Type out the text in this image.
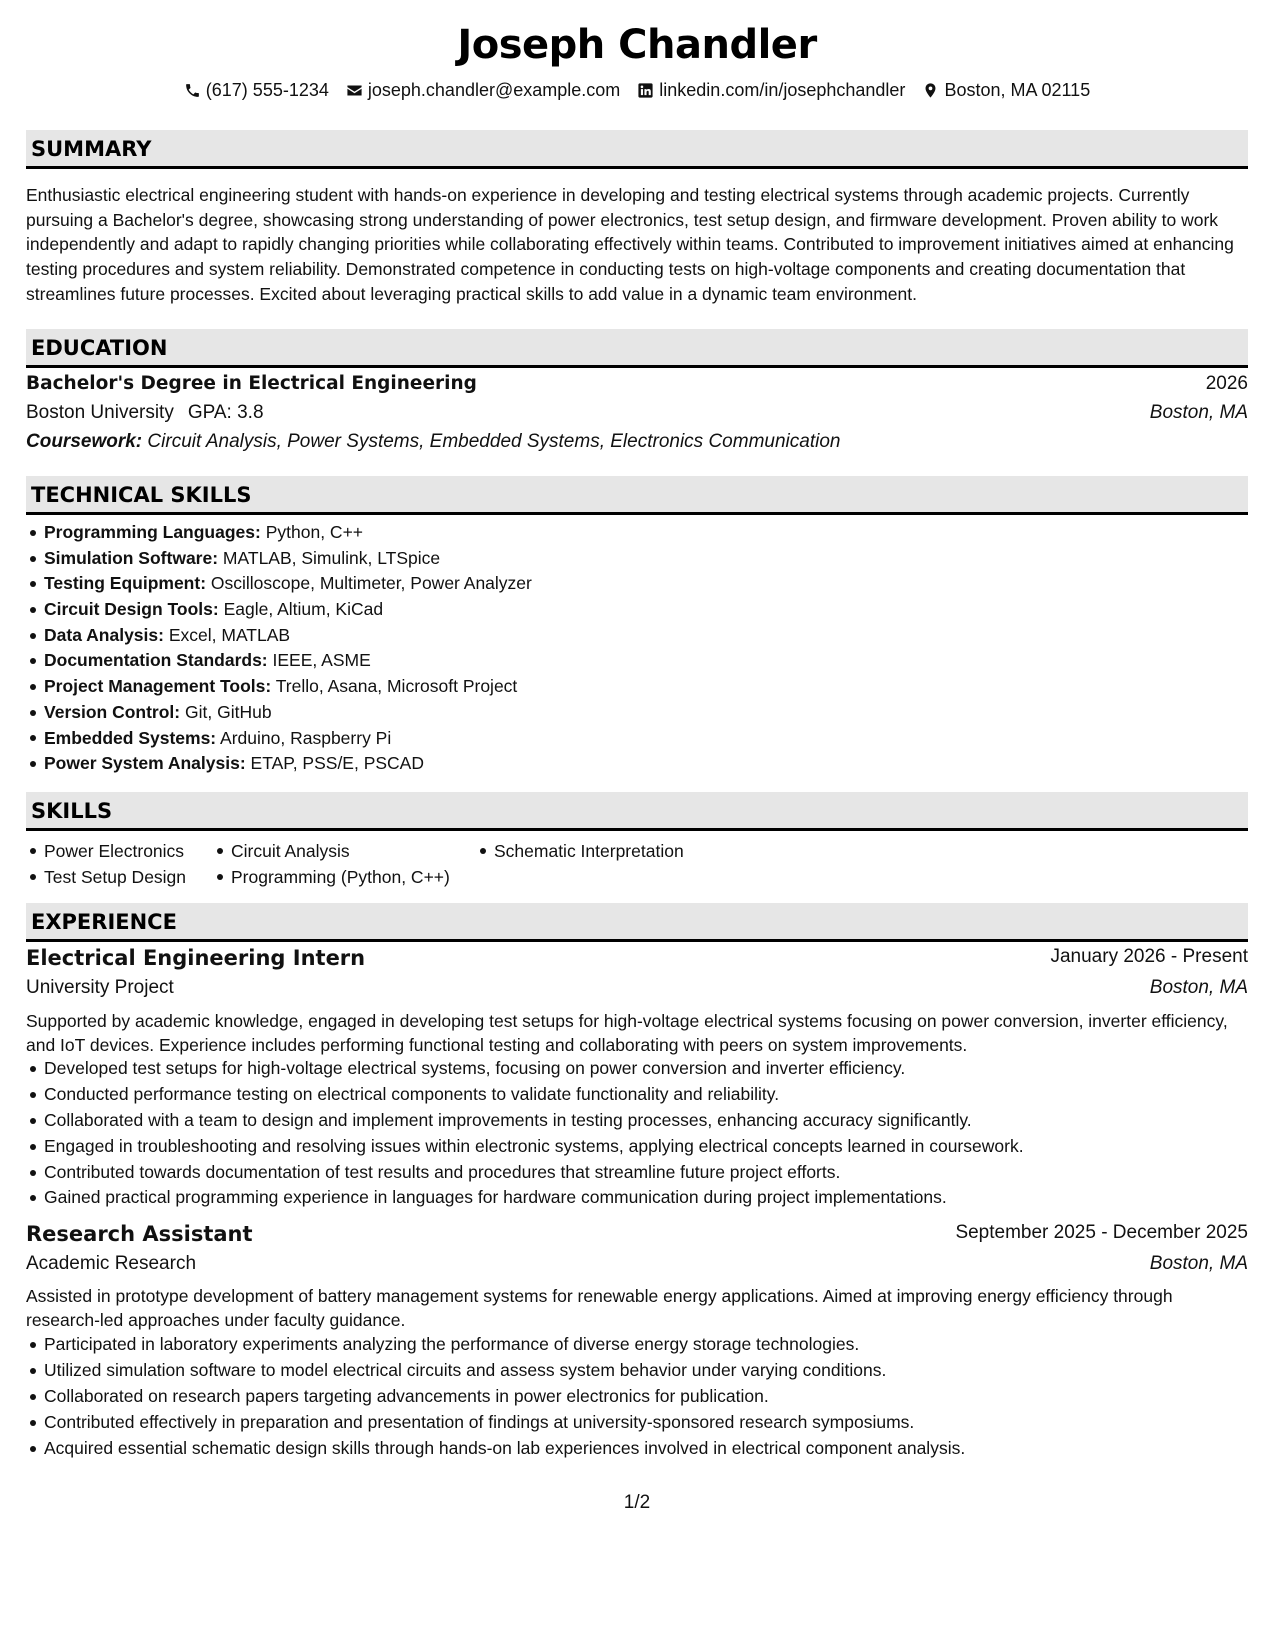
Joseph Chandler
(617) 555-1234 joseph.chandler@example.com linkedin.com/in/josephchandler Boston, MA 02115
SUMMARY
Enthusiastic electrical engineering student with hands-on experience in developing and testing electrical systems through academic projects. Currently pursuing a Bachelor's degree, showcasing strong understanding of power electronics, test setup design, and firmware development. Proven ability to work independently and adapt to rapidly changing priorities while collaborating effectively within teams. Contributed to improvement initiatives aimed at enhancing testing procedures and system reliability. Demonstrated competence in conducting tests on high-voltage components and creating documentation that streamlines future processes. Excited about leveraging practical skills to add value in a dynamic team environment.
EDUCATION
Bachelor's Degree in Electrical Engineering	2026
Boston University GPA: 3.8	Boston, MA
Coursework: Circuit Analysis, Power Systems, Embedded Systems, Electronics Communication
TECHNICAL SKILLS
Programming Languages: Python, C++
Simulation Software: MATLAB, Simulink, LTSpice
Testing Equipment: Oscilloscope, Multimeter, Power Analyzer
Circuit Design Tools: Eagle, Altium, KiCad
Data Analysis: Excel, MATLAB
Documentation Standards: IEEE, ASME
Project Management Tools: Trello, Asana, Microsoft Project
Version Control: Git, GitHub
Embedded Systems: Arduino, Raspberry Pi
Power System Analysis: ETAP, PSS/E, PSCAD
SKILLS
Power Electronics
Test Setup Design
Circuit Analysis
Programming (Python, C++)
Schematic Interpretation
EXPERIENCE
Electrical Engineering Intern	January 2026 - Present
University Project	Boston, MA
Supported by academic knowledge, engaged in developing test setups for high-voltage electrical systems focusing on power conversion, inverter efficiency, and IoT devices. Experience includes performing functional testing and collaborating with peers on system improvements.
Developed test setups for high-voltage electrical systems, focusing on power conversion and inverter efficiency.
Conducted performance testing on electrical components to validate functionality and reliability.
Collaborated with a team to design and implement improvements in testing processes, enhancing accuracy significantly.
Engaged in troubleshooting and resolving issues within electronic systems, applying electrical concepts learned in coursework.
Contributed towards documentation of test results and procedures that streamline future project efforts.
Gained practical programming experience in languages for hardware communication during project implementations.
Research Assistant	September 2025 - December 2025
Academic Research	Boston, MA
Assisted in prototype development of battery management systems for renewable energy applications. Aimed at improving energy efficiency through research-led approaches under faculty guidance.
Participated in laboratory experiments analyzing the performance of diverse energy storage technologies.
Utilized simulation software to model electrical circuits and assess system behavior under varying conditions.
Collaborated on research papers targeting advancements in power electronics for publication.
Contributed effectively in preparation and presentation of findings at university-sponsored research symposiums.
Acquired essential schematic design skills through hands-on lab experiences involved in electrical component analysis.
1/2
